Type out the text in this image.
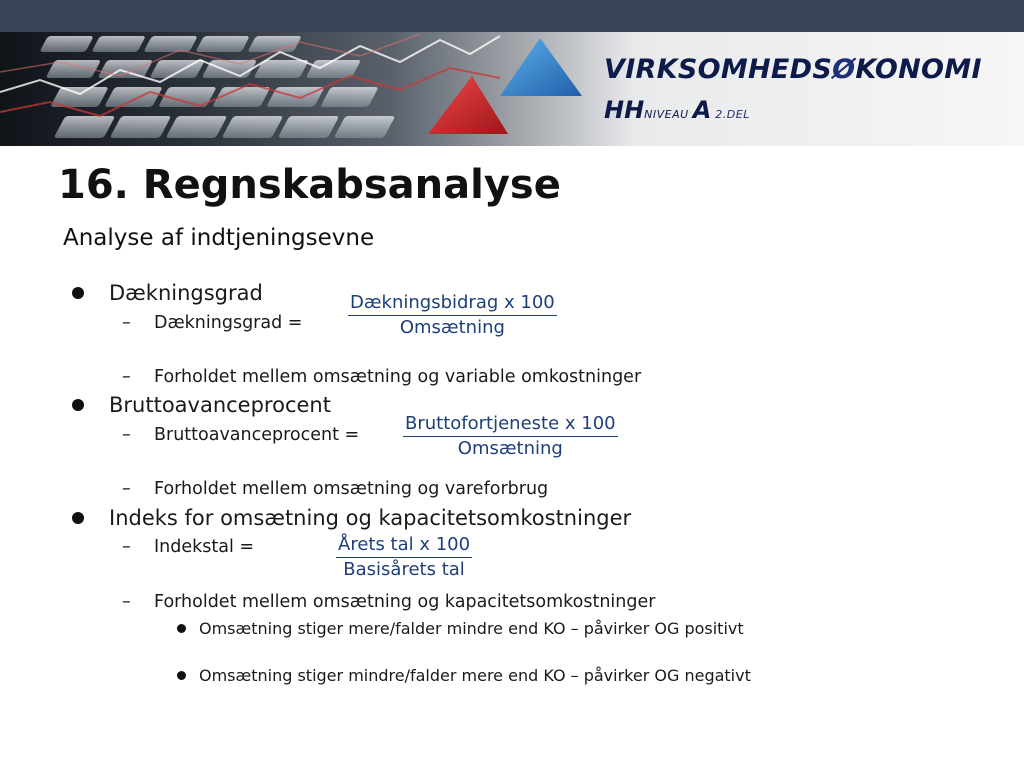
VIRKSOMHEDSØKONOMI
HHNIVEAU A 2.DEL
16. Regnskabsanalyse
Analyse af indtjeningsevne
Dækningsgrad
– Dækningsgrad =
Dækningsbidrag x 100
Omsætning
– Forholdet mellem omsætning og variable omkostninger
Bruttoavanceprocent
– Bruttoavanceprocent =
Bruttofortjeneste x 100
Omsætning
– Forholdet mellem omsætning og vareforbrug
Indeks for omsætning og kapacitetsomkostninger
– Indekstal =	Årets tal x 100
Basisårets tal
– Forholdet mellem omsætning og kapacitetsomkostninger
Omsætning stiger mere/falder mindre end KO – påvirker OG positivt
Omsætning stiger mindre/falder mere end KO – påvirker OG negativt
